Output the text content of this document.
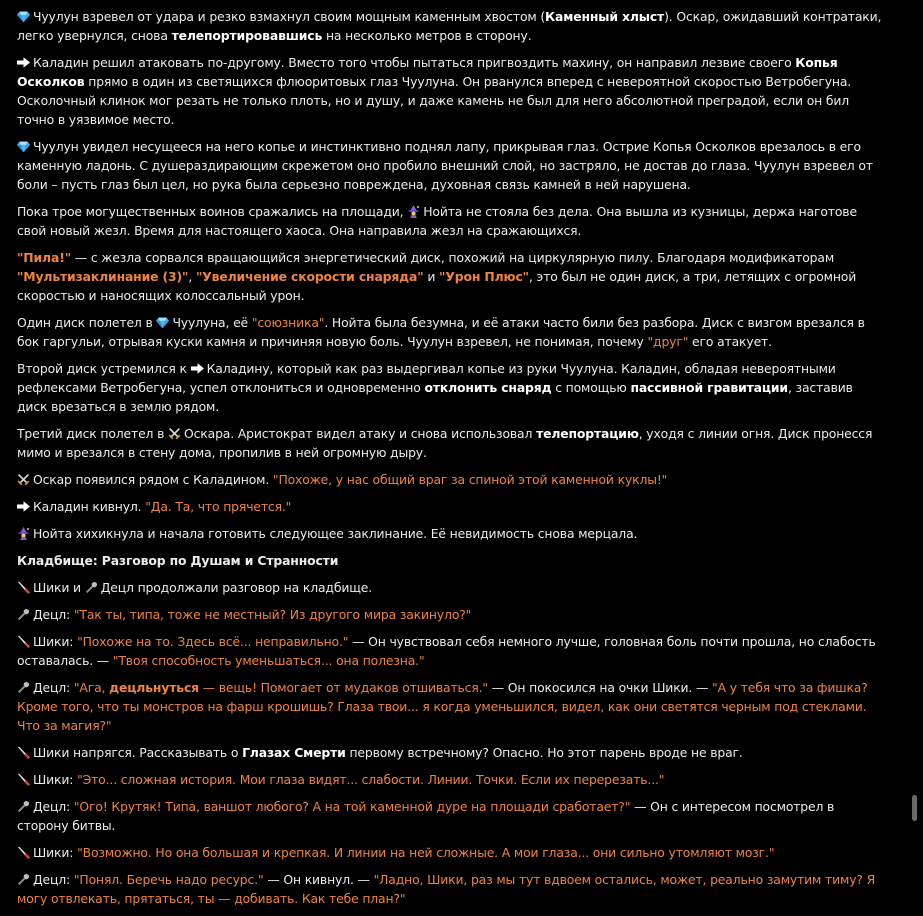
Чуулун взревел от удара и резко взмахнул своим мощным каменным хвостом (Каменный хлыст). Оскар, ожидавший контратаки, легко увернулся, снова телепортировавшись на несколько метров в сторону.

Каладин решил атаковать по-другому. Вместо того чтобы пытаться пригвоздить махину, он направил лезвие своего Копья Осколков прямо в один из светящихся флюоритовых глаз Чуулуна. Он рванулся вперед с невероятной скоростью Ветробегуна. Осколочный клинок мог резать не только плоть, но и душу, и даже камень не был для него абсолютной преградой, если он бил точно в уязвимое место.

Чуулун увидел несущееся на него копье и инстинктивно поднял лапу, прикрывая глаз. Острие Копья Осколков врезалось в его каменную ладонь. С душераздирающим скрежетом оно пробило внешний слой, но застряло, не достав до глаза. Чуулун взревел от боли – пусть глаз был цел, но рука была серьезно повреждена, духовная связь камней в ней нарушена.

Пока трое могущественных воинов сражались на площади,
Нойта не стояла без дела. Она вышла из кузницы, держа наготове свой новый жезл. Время для настоящего хаоса. Она направила жезл на сражающихся.

"Пила!" — с жезла сорвался вращающийся энергетический диск, похожий на циркулярную пилу. Благодаря модификаторам "Мультизаклинание (3)", "Увеличение скорости снаряда" и "Урон Плюс", это был не один диск, а три, летящих с огромной скоростью и наносящих колоссальный урон.

Один диск полетел в
Чуулуна, её "союзника". Нойта была безумна, и её атаки часто били без разбора. Диск с визгом врезался в бок гаргульи, отрывая куски камня и причиняя новую боль. Чуулун взревел, не понимая, почему "друг" его атакует.

Второй диск устремился к
Каладину, который как раз выдергивал копье из руки Чуулуна. Каладин, обладая невероятными рефлексами Ветробегуна, успел отклониться и одновременно отклонить снаряд с помощью пассивной гравитации, заставив диск врезаться в землю рядом.

Третий диск полетел в
Оскара. Аристократ видел атаку и снова использовал телепортацию, уходя с линии огня. Диск пронесся мимо и врезался в стену дома, пропилив в ней огромную дыру.

Оскар появился рядом с Каладином. "Похоже, у нас общий враг за спиной этой каменной куклы!"

Каладин кивнул. "Да. Та, что прячется."

Нойта хихикнула и начала готовить следующее заклинание. Её невидимость снова мерцала.

Кладбище: Разговор по Душам и Странности

Шики и
Децл продолжали разговор на кладбище.

Децл: "Так ты, типа, тоже не местный? Из другого мира закинуло?"

Шики: "Похоже на то. Здесь всё... неправильно." — Он чувствовал себя немного лучше, головная боль почти прошла, но слабость оставалась. — "Твоя способность уменьшаться... она полезна."

Децл: "Ага, децльнуться — вещь! Помогает от мудаков отшиваться." — Он покосился на очки Шики. — "А у тебя что за фишка? Кроме того, что ты монстров на фарш крошишь? Глаза твои... я когда уменьшился, видел, как они светятся черным под стеклами. Что за магия?"

Шики напрягся. Рассказывать о Глазах Смерти первому встречному? Опасно. Но этот парень вроде не враг.

Шики: "Это... сложная история. Мои глаза видят... слабости. Линии. Точки. Если их перерезать..."

Децл: "Ого! Крутяк! Типа, ваншот любого? А на той каменной дуре на площади сработает?" — Он с интересом посмотрел в сторону битвы.

Шики: "Возможно. Но она большая и крепкая. И линии на ней сложные. А мои глаза... они сильно утомляют мозг."

Децл: "Понял. Беречь надо ресурс." — Он кивнул. — "Ладно, Шики, раз мы тут вдвоем остались, может, реально замутим тиму? Я могу отвлекать, прятаться, ты — добивать. Как тебе план?"
